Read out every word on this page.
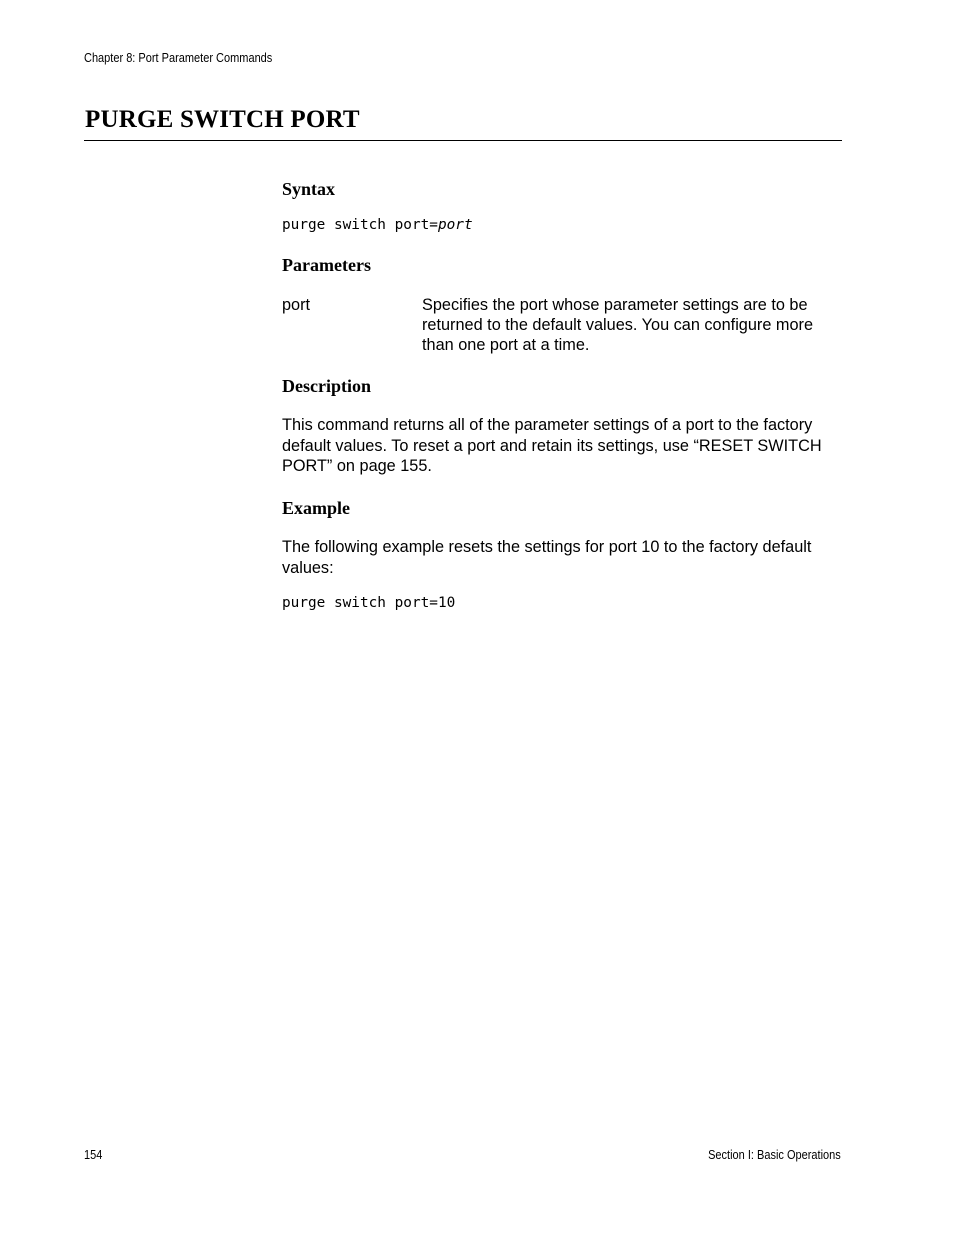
Chapter 8: Port Parameter Commands
PURGE SWITCH PORT
Syntax
purge switch port=port
Parameters

port	Specifies the port whose parameter settings are to be returned to the default values. You can configure more than one port at a time.

Description

This command returns all of the parameter settings of a port to the factory default values. To reset a port and retain its settings, use “RESET SWITCH PORT” on page 155.

Example

The following example resets the settings for port 10 to the factory default values:

purge switch port=10
154	Section I: Basic Operations
